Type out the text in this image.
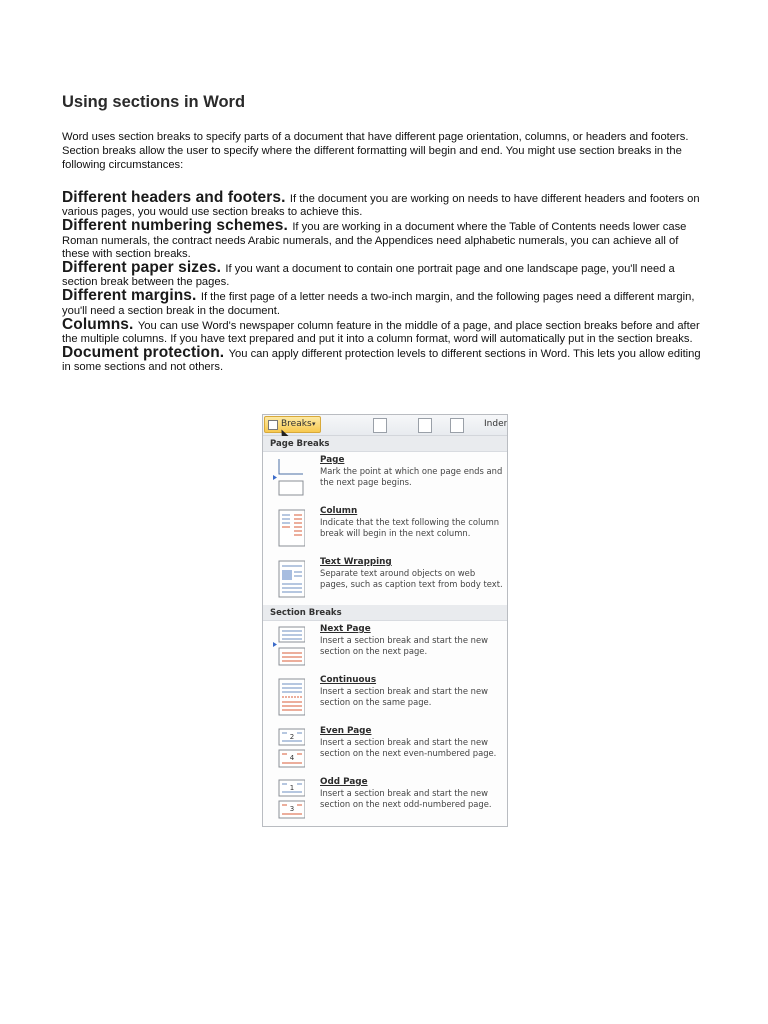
Using sections in Word

Word uses section breaks to specify parts of a document that have different page orientation, columns, or headers and footers. Section breaks allow the user to specify where the different formatting will begin and end. You might use section breaks in the following circumstances:

Different headers and footers. If the document you are working on needs to have different headers and footers on various pages, you would use section breaks to achieve this.

Different numbering schemes. If you are working in a document where the Table of Contents needs lower case Roman numerals, the contract needs Arabic numerals, and the Appendices need alphabetic numerals, you can achieve all of these with section breaks.

Different paper sizes. If you want a document to contain one portrait page and one landscape page, you'll need a section break between the pages.

Different margins. If the first page of a letter needs a two-inch margin, and the following pages need a different margin, you'll need a section break in the document.

Columns. You can use Word's newspaper column feature in the middle of a page, and place section breaks before and after the multiple columns. If you have text prepared and put it into a column format, word will automatically put in the section breaks.

Document protection. You can apply different protection levels to different sections in Word. This lets you allow editing in some sections and not others.

Breaks ▾	Inder
Page Breaks
Page
Mark the point at which one page ends and the next page begins.
Column
Indicate that the text following the column break will begin in the next column.
Text Wrapping
Separate text around objects on web pages, such as caption text from body text.
Section Breaks
Next Page
Insert a section break and start the new section on the next page.
Continuous
Insert a section break and start the new section on the same page.
2
4
Even Page
Insert a section break and start the new section on the next even-numbered page.
1
3
Odd Page
Insert a section break and start the new section on the next odd-numbered page.
